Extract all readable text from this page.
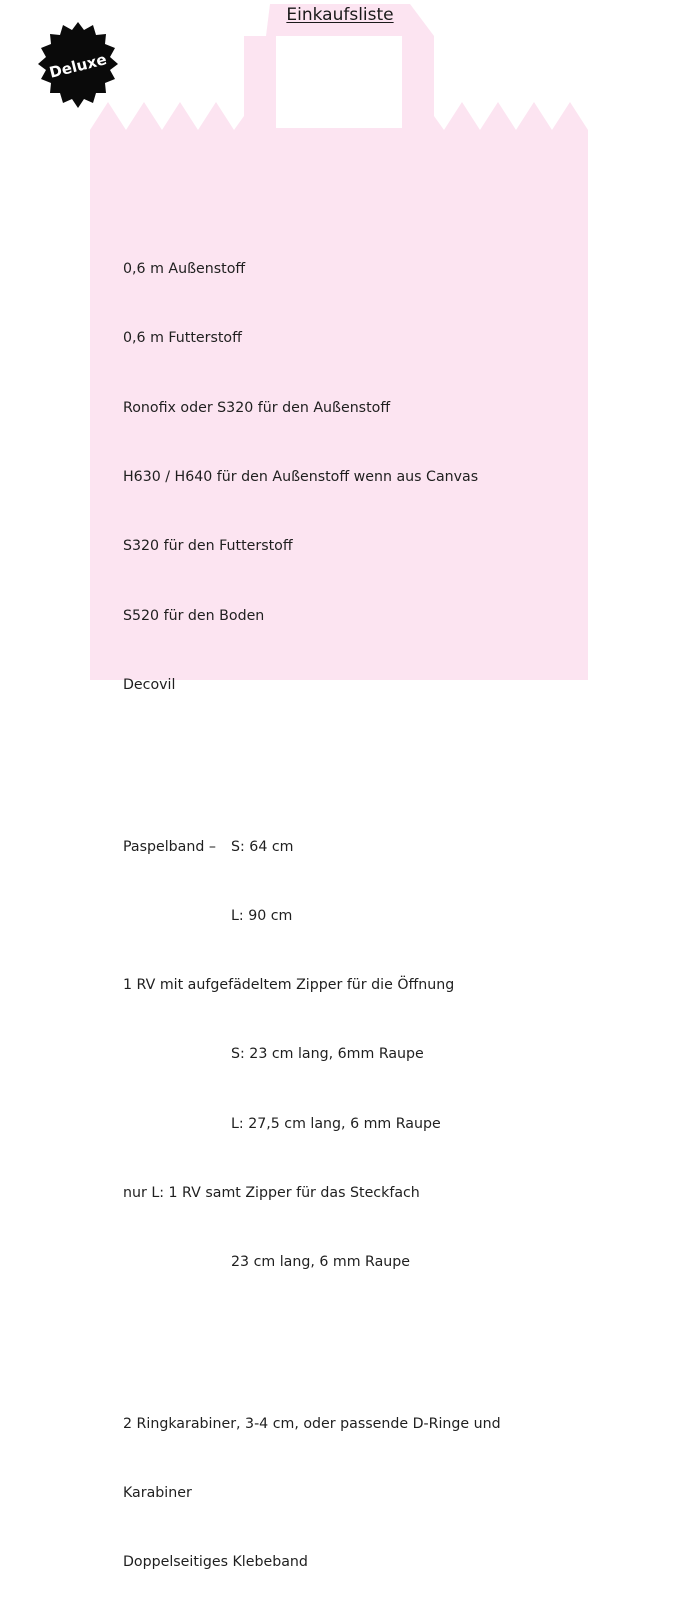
Einkaufsliste
Deluxe

0,6 m Außenstoff

0,6 m Futterstoff

Ronofix oder S320 für den Außenstoff

H630 / H640 für den Außenstoff wenn aus Canvas

S320 für den Futterstoff

S520 für den Boden

Decovil

Paspelband – S: 64 cm

L: 90 cm

1 RV mit aufgefädeltem Zipper für die Öffnung

S: 23 cm lang, 6mm Raupe

L: 27,5 cm lang, 6 mm Raupe

nur L: 1 RV samt Zipper für das Steckfach

23 cm lang, 6 mm Raupe

2 Ringkarabiner, 3-4 cm, oder passende D-Ringe und

Karabiner

Doppelseitiges Klebeband
